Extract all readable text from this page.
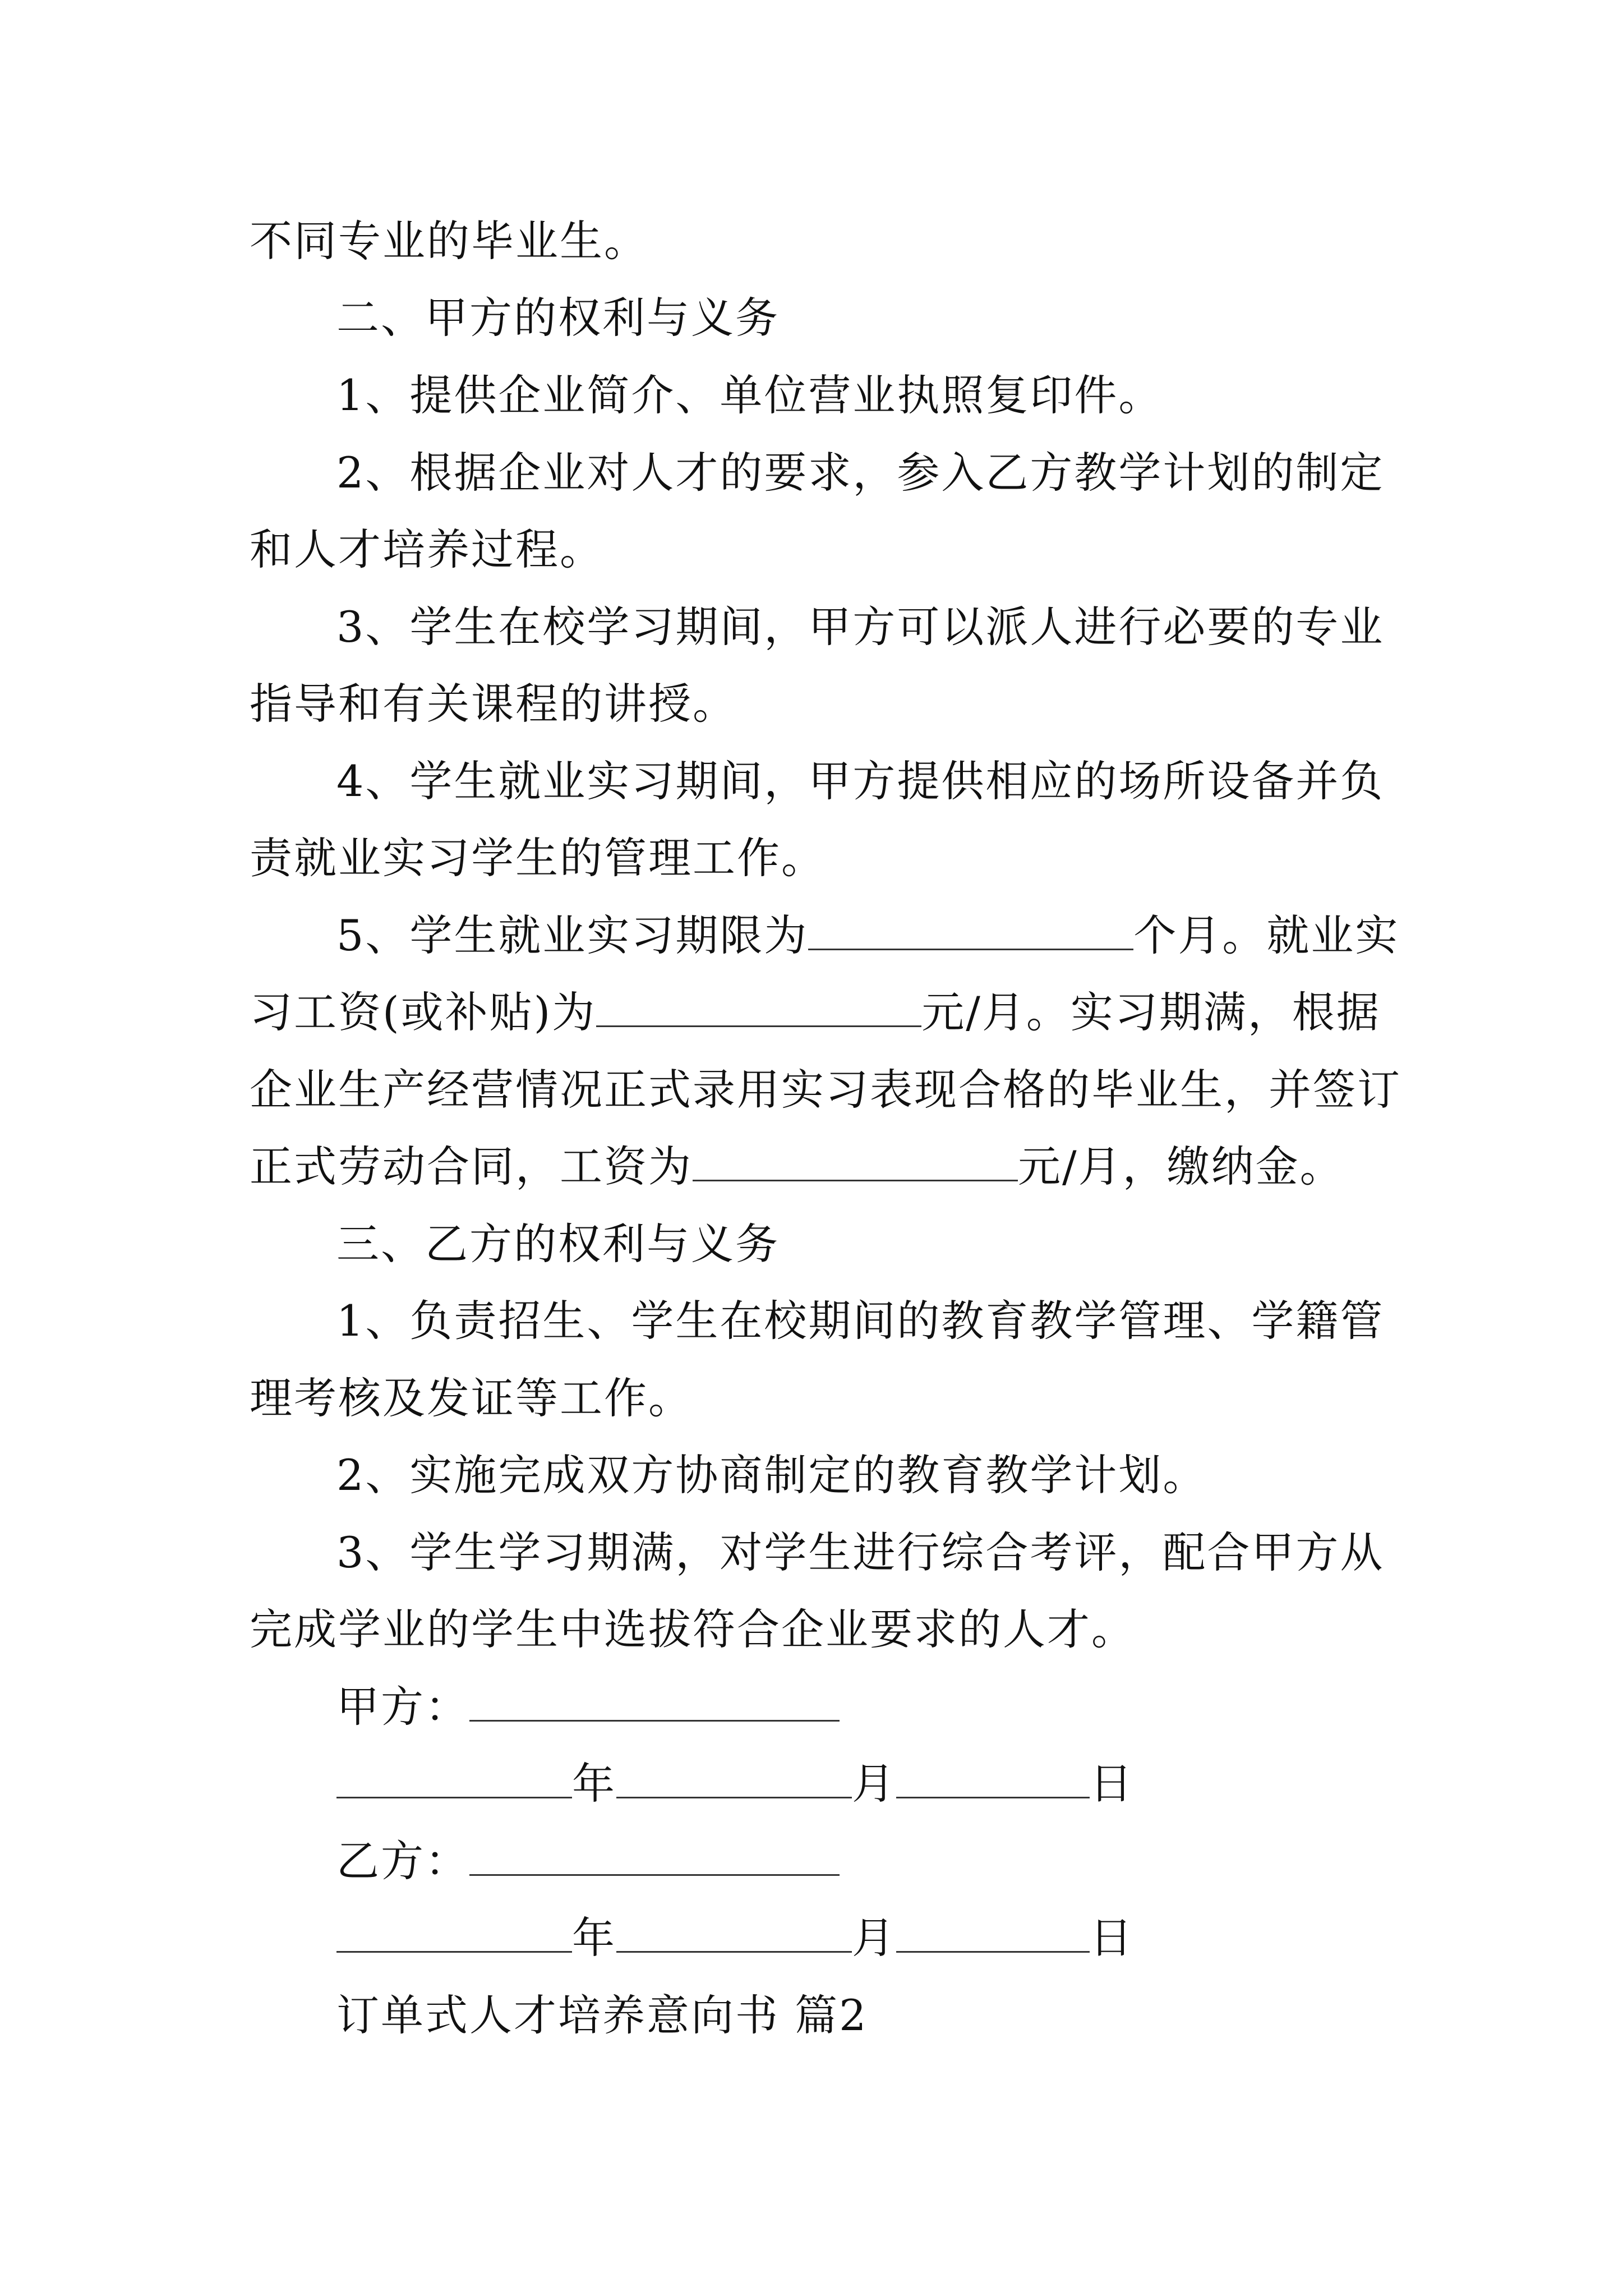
不同专业的毕业生。
二、甲方的权利与义务
1、提供企业简介、单位营业执照复印件。
2、根据企业对人才的要求，参入乙方教学计划的制定
和人才培养过程。
3、学生在校学习期间，甲方可以派人进行必要的专业
指导和有关课程的讲授。
4、学生就业实习期间，甲方提供相应的场所设备并负
责就业实习学生的管理工作。
5、学生就业实习期限为	个月。就业实
习工资(或补贴)为	元/月。实习期满，根据
企业生产经营情况正式录用实习表现合格的毕业生，并签订
正式劳动合同，工资为	元/月，缴纳金。
三、乙方的权利与义务
1、负责招生、学生在校期间的教育教学管理、学籍管
理考核及发证等工作。
2、实施完成双方协商制定的教育教学计划。
3、学生学习期满，对学生进行综合考评，配合甲方从
完成学业的学生中选拔符合企业要求的人才。
甲方：
年	月	日
乙方：
年	月	日
订单式人才培养意向书 篇2
